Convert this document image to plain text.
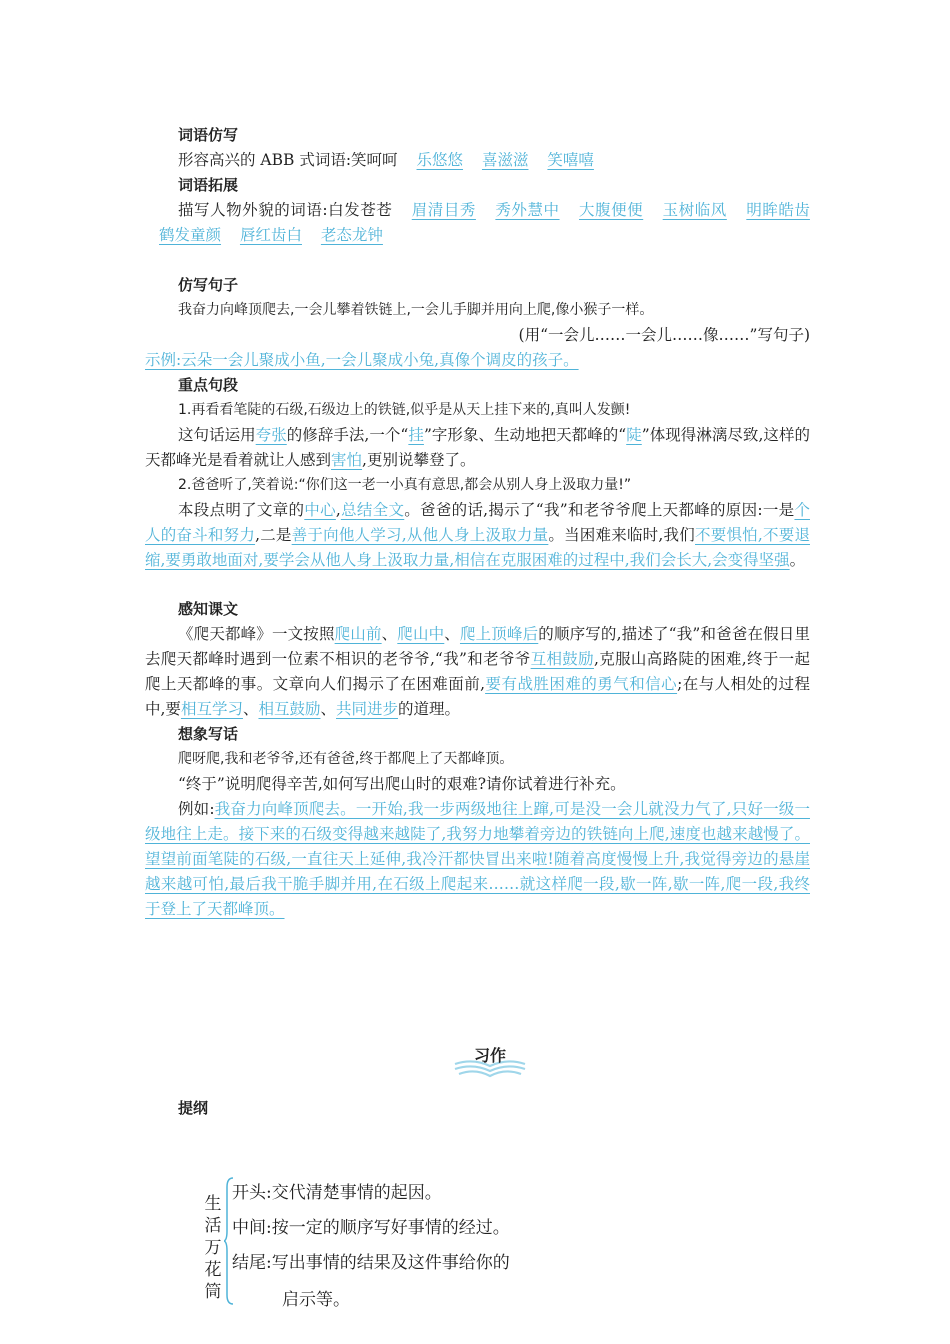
词语仿写
形容高兴的 ABB 式词语:笑呵呵 乐悠悠 喜滋滋 笑嘻嘻
词语拓展
描写人物外貌的词语:白发苍苍 眉清目秀 秀外慧中 大腹便便 玉树临风 明眸皓齿 鹤发童颜 唇红齿白 老态龙钟
仿写句子
我奋力向峰顶爬去,一会儿攀着铁链上,一会儿手脚并用向上爬,像小猴子一样。
(用“一会儿……一会儿……像……”写句子)
示例:云朵一会儿聚成小鱼,一会儿聚成小兔,真像个调皮的孩子。
重点句段
1.再看看笔陡的石级,石级边上的铁链,似乎是从天上挂下来的,真叫人发颤!
这句话运用夸张的修辞手法,一个“挂”字形象、生动地把天都峰的“陡”体现得淋漓尽致,这样的天都峰光是看着就让人感到害怕,更别说攀登了。
2.爸爸听了,笑着说:“你们这一老一小真有意思,都会从别人身上汲取力量!”
本段点明了文章的中心,总结全文。爸爸的话,揭示了“我”和老爷爷爬上天都峰的原因:一是个人的奋斗和努力,二是善于向他人学习,从他人身上汲取力量。当困难来临时,我们不要惧怕,不要退缩,要勇敢地面对,要学会从他人身上汲取力量,相信在克服困难的过程中,我们会长大,会变得坚强。
感知课文
《爬天都峰》一文按照爬山前、爬山中、爬上顶峰后的顺序写的,描述了“我”和爸爸在假日里去爬天都峰时遇到一位素不相识的老爷爷,“我”和老爷爷互相鼓励,克服山高路陡的困难,终于一起爬上天都峰的事。文章向人们揭示了在困难面前,要有战胜困难的勇气和信心;在与人相处的过程中,要相互学习、相互鼓励、共同进步的道理。
想象写话
爬呀爬,我和老爷爷,还有爸爸,终于都爬上了天都峰顶。
“终于”说明爬得辛苦,如何写出爬山时的艰难?请你试着进行补充。
例如:我奋力向峰顶爬去。一开始,我一步两级地往上蹿,可是没一会儿就没力气了,只好一级一级地往上走。接下来的石级变得越来越陡了,我努力地攀着旁边的铁链向上爬,速度也越来越慢了。望望前面笔陡的石级,一直往天上延伸,我冷汗都快冒出来啦!随着高度慢慢上升,我觉得旁边的悬崖越来越可怕,最后我干脆手脚并用,在石级上爬起来……就这样爬一段,歇一阵,歇一阵,爬一段,我终于登上了天都峰顶。
习作
提纲
生
活
万
花
筒
开头:交代清楚事情的起因。
中间:按一定的顺序写好事情的经过。
结尾:写出事情的结果及这件事给你的
启示等。
